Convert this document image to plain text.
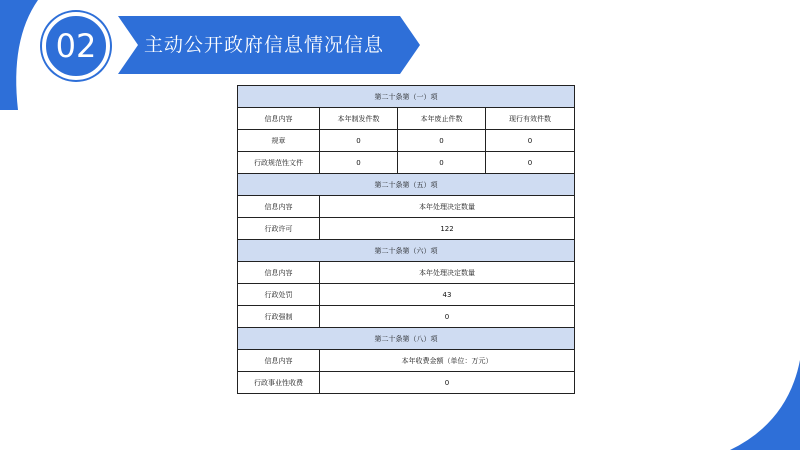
02	主动公开政府信息情况信息
第二十条第（一）项			
信息内容	本年制发件数	本年废止件数	现行有效件数
规章	0	0	0
行政规范性文件	0	0	0
第二十条第（五）项			
信息内容	本年处理决定数量		
行政许可	122		
第二十条第（六）项			
信息内容	本年处理决定数量		
行政处罚	43		
行政强制	0		
第二十条第（八）项			
信息内容	本年收费金额（单位：万元）		
行政事业性收费	0		
